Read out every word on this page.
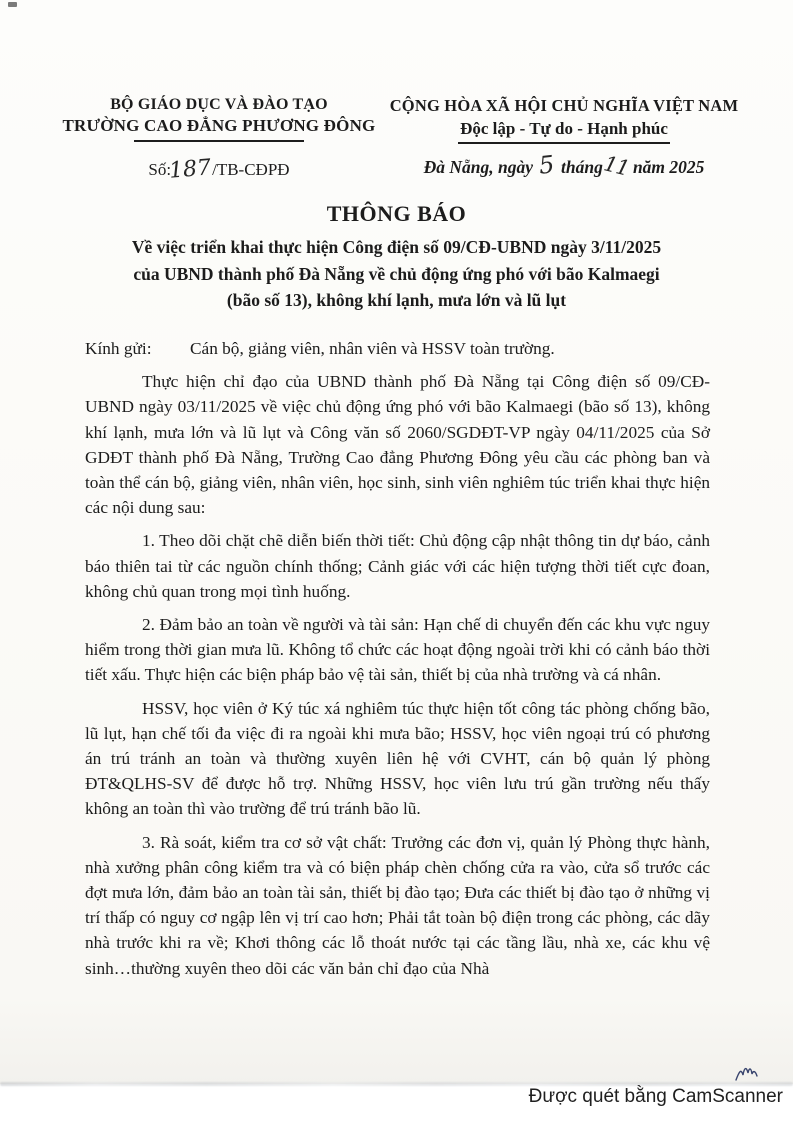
BỘ GIÁO DỤC VÀ ĐÀO TẠO
TRƯỜNG CAO ĐẲNG PHƯƠNG ĐÔNG
Số:187/TB-CĐPĐ
CỘNG HÒA XÃ HỘI CHỦ NGHĨA VIỆT NAM
Độc lập - Tự do - Hạnh phúc
Đà Nẵng, ngày 5 tháng11 năm 2025
THÔNG BÁO
Về việc triển khai thực hiện Công điện số 09/CĐ-UBND ngày 3/11/2025
của UBND thành phố Đà Nẵng về chủ động ứng phó với bão Kalmaegi
(bão số 13), không khí lạnh, mưa lớn và lũ lụt
Kính gửi: Cán bộ, giảng viên, nhân viên và HSSV toàn trường.

Thực hiện chỉ đạo của UBND thành phố Đà Nẵng tại Công điện số 09/CĐ-UBND ngày 03/11/2025 về việc chủ động ứng phó với bão Kalmaegi (bão số 13), không khí lạnh, mưa lớn và lũ lụt và Công văn số 2060/SGDĐT-VP ngày 04/11/2025 của Sở GDĐT thành phố Đà Nẵng, Trường Cao đẳng Phương Đông yêu cầu các phòng ban và toàn thể cán bộ, giảng viên, nhân viên, học sinh, sinh viên nghiêm túc triển khai thực hiện các nội dung sau:

1. Theo dõi chặt chẽ diễn biến thời tiết: Chủ động cập nhật thông tin dự báo, cảnh báo thiên tai từ các nguồn chính thống; Cảnh giác với các hiện tượng thời tiết cực đoan, không chủ quan trong mọi tình huống.

2. Đảm bảo an toàn về người và tài sản: Hạn chế di chuyển đến các khu vực nguy hiểm trong thời gian mưa lũ. Không tổ chức các hoạt động ngoài trời khi có cảnh báo thời tiết xấu. Thực hiện các biện pháp bảo vệ tài sản, thiết bị của nhà trường và cá nhân.

HSSV, học viên ở Ký túc xá nghiêm túc thực hiện tốt công tác phòng chống bão, lũ lụt, hạn chế tối đa việc đi ra ngoài khi mưa bão; HSSV, học viên ngoại trú có phương án trú tránh an toàn và thường xuyên liên hệ với CVHT, cán bộ quản lý phòng ĐT&QLHS-SV để được hỗ trợ. Những HSSV, học viên lưu trú gần trường nếu thấy không an toàn thì vào trường để trú tránh bão lũ.

3. Rà soát, kiểm tra cơ sở vật chất: Trưởng các đơn vị, quản lý Phòng thực hành, nhà xưởng phân công kiểm tra và có biện pháp chèn chống cửa ra vào, cửa sổ trước các đợt mưa lớn, đảm bảo an toàn tài sản, thiết bị đào tạo; Đưa các thiết bị đào tạo ở những vị trí thấp có nguy cơ ngập lên vị trí cao hơn; Phải tắt toàn bộ điện trong các phòng, các dãy nhà trước khi ra về; Khơi thông các lỗ thoát nước tại các tầng lầu, nhà xe, các khu vệ sinh…thường xuyên theo dõi các văn bản chỉ đạo của Nhà

Được quét bằng CamScanner
